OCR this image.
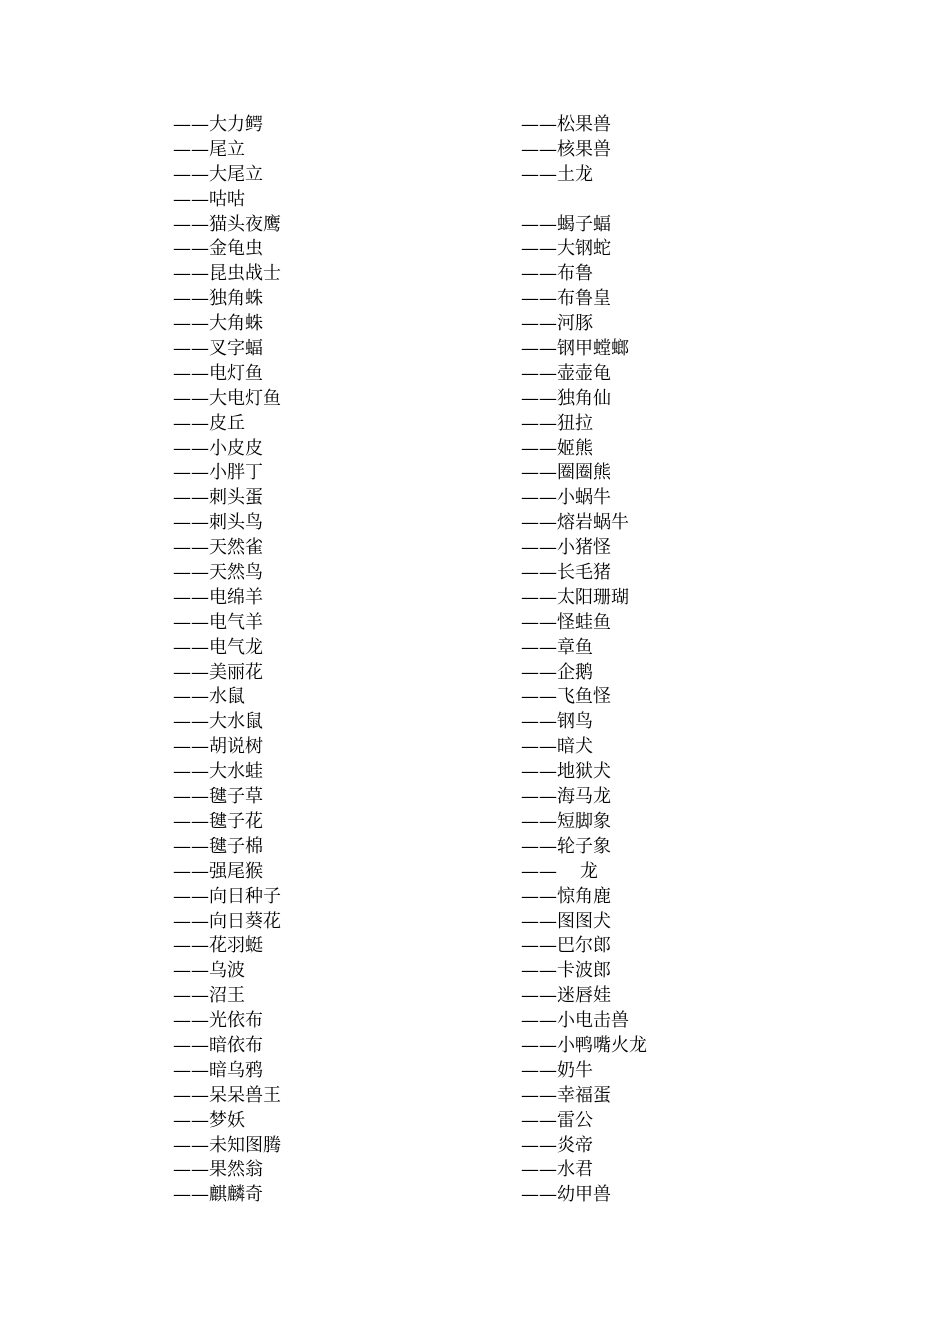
——大力鳄
——尾立
——大尾立
——咕咕
——猫头夜鹰
——金龟虫
——昆虫战士
——独角蛛
——大角蛛
——叉字蝠
——电灯鱼
——大电灯鱼
——皮丘
——小皮皮
——小胖丁
——刺头蛋
——刺头鸟
——天然雀
——天然鸟
——电绵羊
——电气羊
——电气龙
——美丽花
——水鼠
——大水鼠
——胡说树
——大水蛙
——毽子草
——毽子花
——毽子棉
——强尾猴
——向日种子
——向日葵花
——花羽蜓
——乌波
——沼王
——光依布
——暗依布
——暗乌鸦
——呆呆兽王
——梦妖
——未知图腾
——果然翁
——麒麟奇
——松果兽
——核果兽
——土龙
——蝎子蝠
——大钢蛇
——布鲁
——布鲁皇
——河豚
——钢甲螳螂
——壶壶龟
——独角仙
——狃拉
——姬熊
——圈圈熊
——小蜗牛
——熔岩蜗牛
——小猪怪
——长毛猪
——太阳珊瑚
——怪蛙鱼
——章鱼
——企鹅
——飞鱼怪
——钢鸟
——暗犬
——地狱犬
——海马龙
——短脚象
——轮子象
——    龙
——惊角鹿
——图图犬
——巴尔郎
——卡波郎
——迷唇娃
——小电击兽
——小鸭嘴火龙
——奶牛
——幸福蛋
——雷公
——炎帝
——水君
——幼甲兽
